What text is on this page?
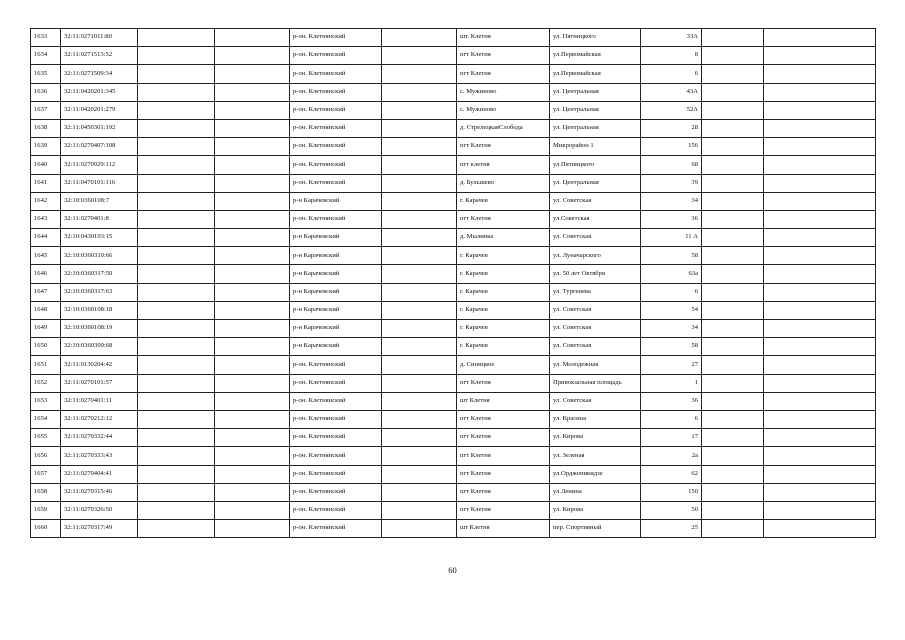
1633	32:11:0271011:80			р-он. Клетнянский		шт. Клетня	ул. Пятницкого	33А		
1634	32:11:0271513:52			р-он. Клетнянский		пгт Клетня	ул.Первомайская	8		
1635	32:11:0271509:34			р-он. Клетнянский		пгт Клетня	ул.Первомайская	6		
1636	32:11:0420201:345			р-он. Клетнянский		с. Мужиново	ул. Центральная	43А		
1637	32:11:0420201:279			р-он. Клетнянский		с. Мужиново	ул. Центральная	52А		
1638	32:11:0450301:192			р-он. Клетнянский		д. СтрелецкаяСлобода	ул. Центральная	28		
1639	32:11:0270407:108			р-он. Клетнянский		пгт Клетня	Микрорайон 1	156		
1640	32:11:0270929:112			р-он. Клетнянский		пгт клетня	ул.Пятницкого	68		
1641	32:11:0470101:116			р-он. Клетнянский		д. Бульшево	ул. Центральная	39		
1642	32:10:0360108:7			р-н Карачевский		г. Карачев	ул. Советская	34		
1643	32:11:0270401:8			р-он. Клетнянский		пгт Клетня	ул.Советская	36		
1644	32:10:0430103:15			р-н Карачевский		д. Мылинка	ул. Советская	11 А		
1645	32:10:0360310:66			р-н Карачевский		г. Карачев	ул. Луначарского	58		
1646	32:10:0360317:50			р-н Карачевский		г. Карачев	ул. 50 лет Октября	63а		
1647	32:10:0360317:63			р-н Карачевский		г. Карачев	ул. Тургенева	6		
1648	32:10:0360108:18			р-н Карачевский		г. Карачев	ул. Советская	54		
1649	32:10:0360108:19			р-н Карачевский		г. Карачев	ул. Советская	34		
1650	32:10:0360309:68			р-н Карачевский		г. Карачев	ул. Советская	58		
1651	32:11:0130204:42			р-он. Клетнянский		д. Синицкое	ул. Молодежная	27		
1652	32:11:0270101:57			р-он. Клетнянский		пгт Клетня	Привокзальная площадь	1		
1653	32:11:0270401:11			р-он. Клетнянский		шт Клетня	ул. Советская	36		
1654	32:11:0270212:12			р-он. Клетнянский		пгт Клетня	ул. Красина	6		
1655	32:11:0270332:44			р-он. Клетнянский		пгт Клетня	ул. Кирова	17		
1656	32:11:0270333:43			р-он. Клетнянский		пгт Клетня	ул. Зеленая	2а		
1657	32:11:0270404:41			р-он. Клетнянский		пгт Клетня	ул.Орджоникидзе	62		
1658	32:11:0270315:46			р-он. Клетнянский		пгт Клетня	ул.Ленина	150		
1659	32:11:0270326:50			р-он. Клетнянский		пгт Клетня	ул. Кирова	50		
1660	32:11:0270317:49			р-он. Клетнянский		шт Клетня	пер. Спортивный	25		
60
